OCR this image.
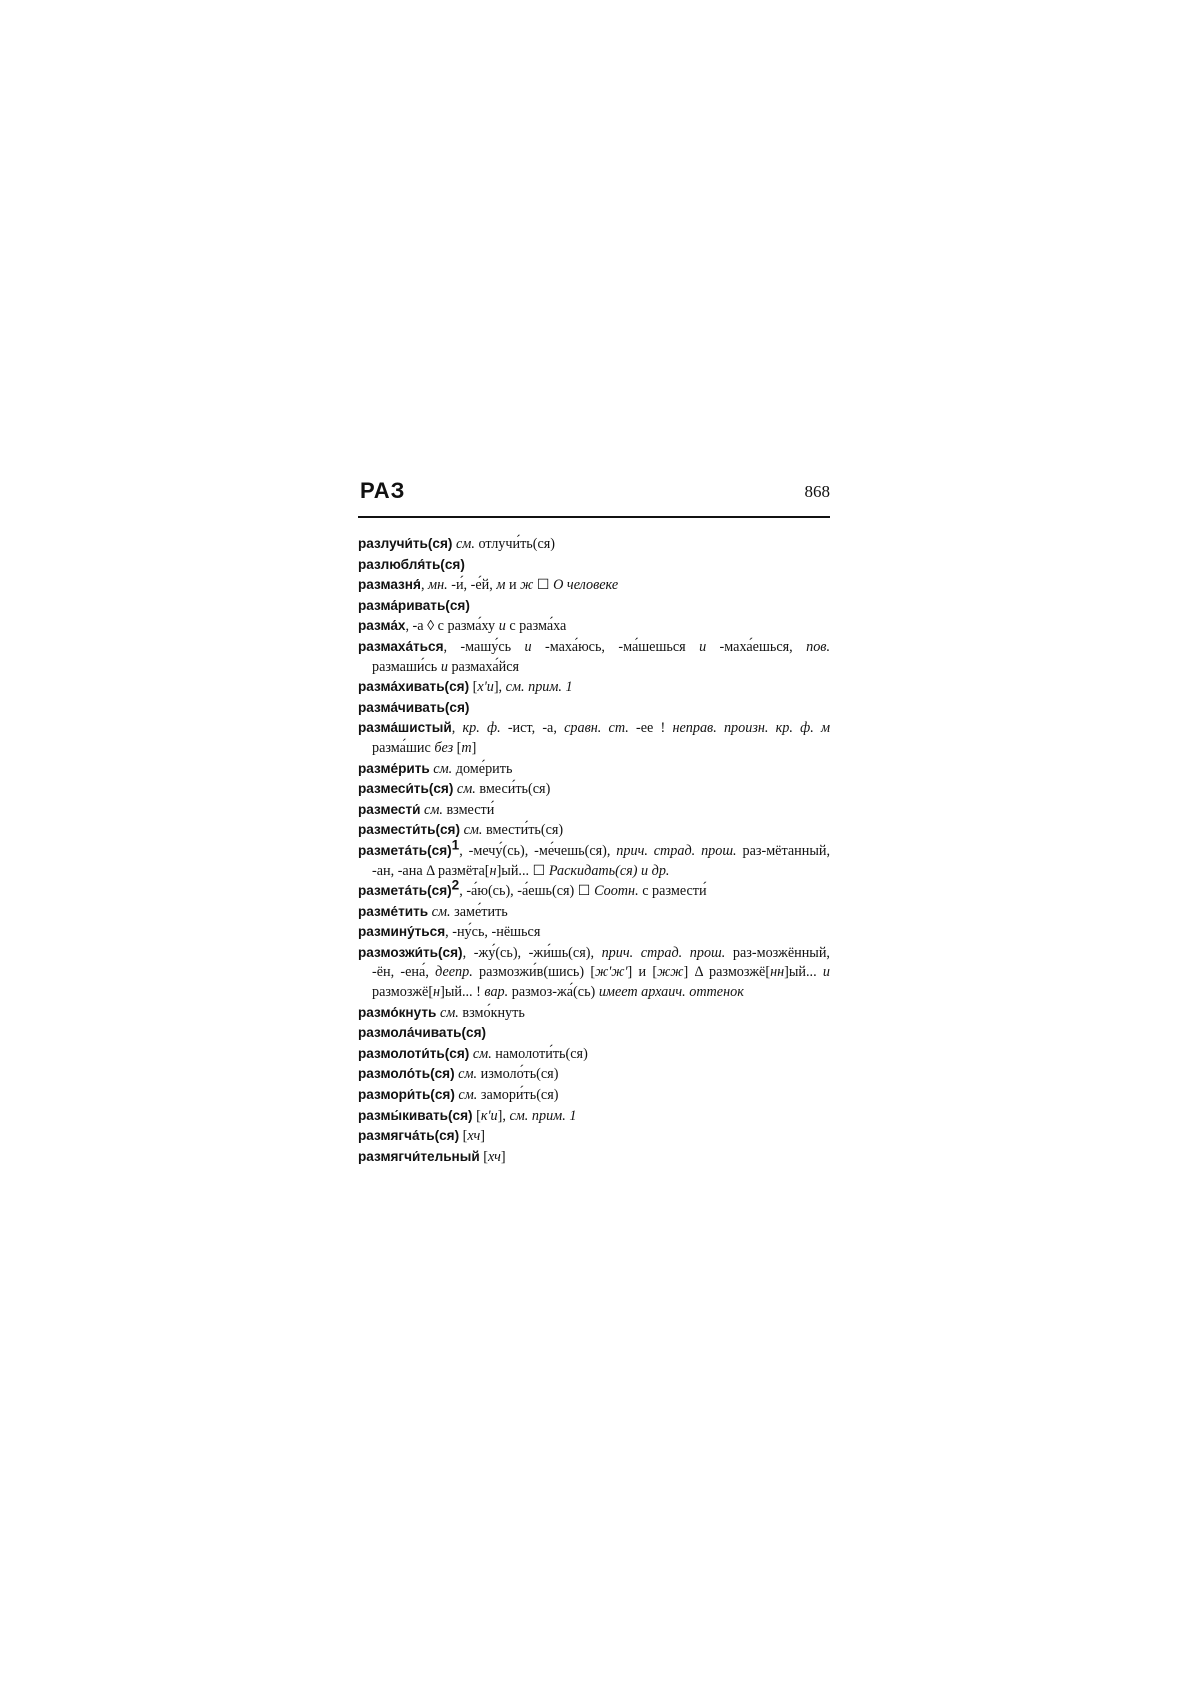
РАЗ	868
разлучи́ть(ся) см. отлучи́ть(ся)
разлюбля́ть(ся)
размазня́, мн. -и́, -е́й, м и ж ☐ О человеке
разма́ривать(ся)
разма́х, -а ◊ с разма́ху и с разма́ха
размаха́ться, -машу́сь и -маха́юсь, -ма́шешься и -маха́ешься, пов. размаши́сь и размаха́йся
разма́хивать(ся) [х'и], см. прим. 1
разма́чивать(ся)
разма́шистый, кр. ф. -ист, -а, сравн. ст. -ее ! неправ. произн. кр. ф. м разма́шис без [т]
разме́рить см. доме́рить
размеси́ть(ся) см. вмеси́ть(ся)
размести́ см. взмести́
размести́ть(ся) см. вмести́ть(ся)
размета́ть(ся)$^1$, -мечу́(сь), -ме́чешь(ся), прич. страд. прош. раз-мётанный, -ан, -ана Δ размёта[н]ый... ☐ Раскидать(ся) и др.
размета́ть(ся)$^2$, -а́ю(сь), -а́ешь(ся) ☐ Соотн. с размести́
разме́тить см. заме́тить
размину́ться, -ну́сь, -нёшься
размозжи́ть(ся), -жу́(сь), -жи́шь(ся), прич. страд. прош. раз-мозжённый, -ён, -ена́, деепр. размозжи́в(шись) [ж'ж'] и [жж] Δ размозжё[нн]ый... и размозжё[н]ый... ! вар. размоз-жа́(сь) имеет архаич. оттенок
размо́кнуть см. взмо́кнуть
размола́чивать(ся)
размолоти́ть(ся) см. намолоти́ть(ся)
размоло́ть(ся) см. измоло́ть(ся)
размори́ть(ся) см. замори́ть(ся)
размы́кивать(ся) [к'и], см. прим. 1
размягча́ть(ся) [хч]
размягчи́тельный [хч]
